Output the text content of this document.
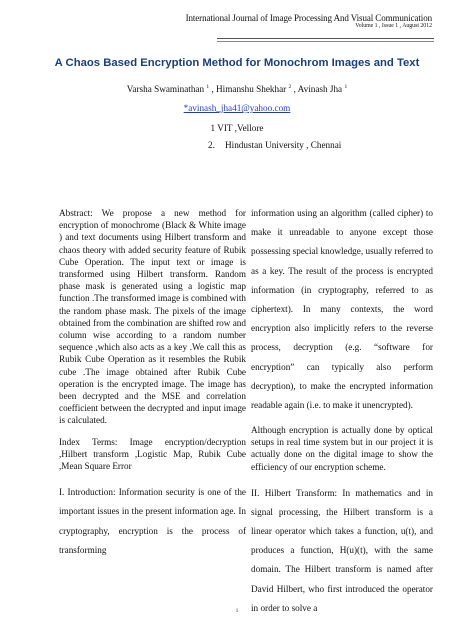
International Journal of Image Processing And Visual Communication
Volume 1 , Issue 1 , August 2012
A Chaos Based Encryption Method for Monochrom Images and Text
Varsha Swaminathan $^1$ , Himanshu Shekhar $^2$ , Avinash Jha $^1$
*avinash_jha41@yahoo.com
1 VIT ,Vellore
2. Hindustan University , Chennai

Abstract: We propose a new method for encryption of monochrome (Black & White image ) and text documents using Hilbert transform and chaos theory with added security feature of Rubik Cube Operation. The input text or image is transformed using Hilbert transform. Random phase mask is generated using a logistic map function .The transformed image is combined with the random phase mask. The pixels of the image obtained from the combination are shifted row and column wise according to a random number sequence ,which also acts as a key .We call this as Rubik Cube Operation as it resembles the Rubik cube .The image obtained after Rubik Cube operation is the encrypted image. The image has been decrypted and the MSE and correlation coefficient between the decrypted and input image is calculated.

Index Terms: Image encryption/decryption ,Hilbert transform ,Logistic Map, Rubik Cube ,Mean Square Error

I. Introduction: Information security is one of the important issues in the present information age. In cryptography, encryption is the process of transforming

information using an algorithm (called cipher) to make it unreadable to anyone except those possessing special knowledge, usually referred to as a key. The result of the process is encrypted information (in cryptography, referred to as ciphertext). In many contexts, the word encryption also implicitly refers to the reverse process, decryption (e.g. “software for encryption” can typically also perform decryption), to make the encrypted information readable again (i.e. to make it unencrypted).

Although encryption is actually done by optical setups in real time system but in our project it is actually done on the digital image to show the efficiency of our encryption scheme.

II. Hilbert Transform: In mathematics and in signal processing, the Hilbert transform is a linear operator which takes a function, u(t), and produces a function, H(u)(t), with the same domain. The Hilbert transform is named after David Hilbert, who first introduced the operator in order to solve a

1
